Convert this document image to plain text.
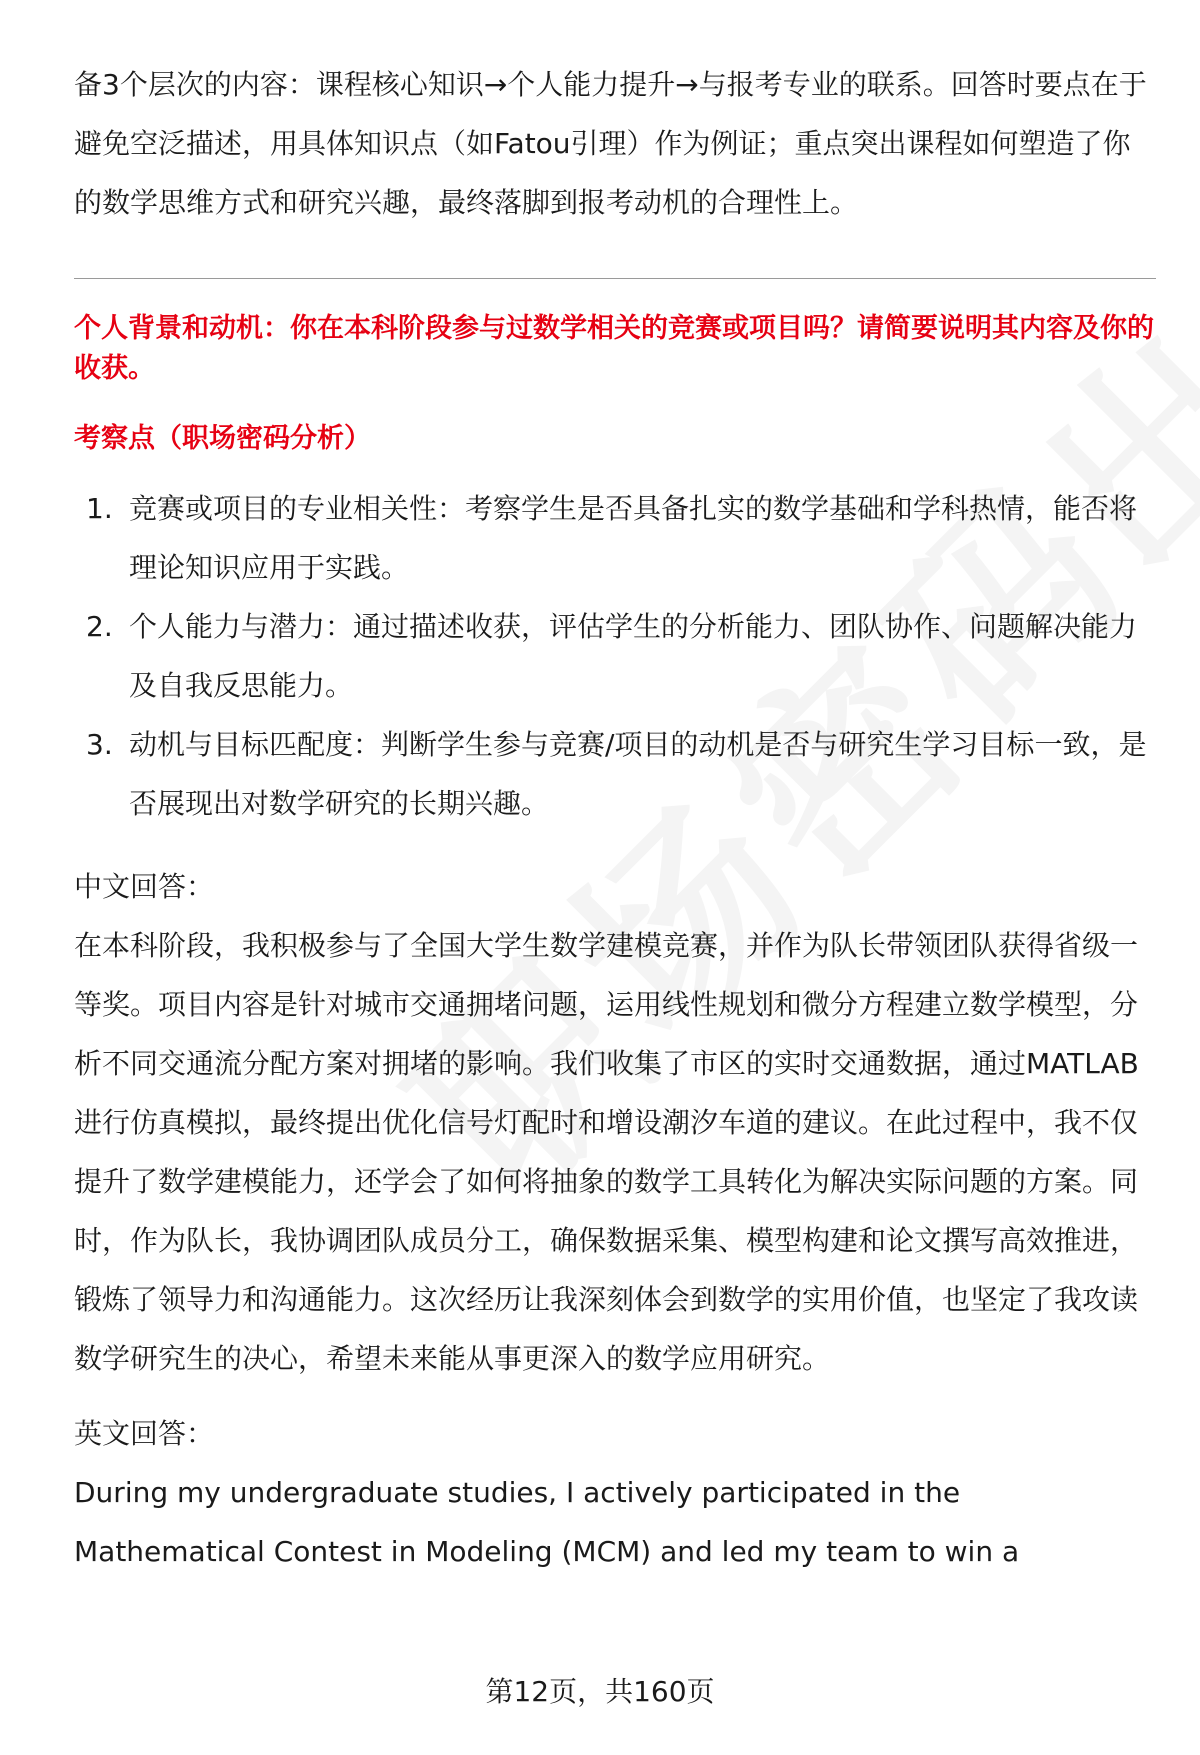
备3个层次的内容：课程核心知识→个人能力提升→与报考专业的联系。回答时要点在于避免空泛描述，用具体知识点（如Fatou引理）作为例证；重点突出课程如何塑造了你的数学思维方式和研究兴趣，最终落脚到报考动机的合理性上。

个人背景和动机：你在本科阶段参与过数学相关的竞赛或项目吗？请简要说明其内容及你的收获。

考察点（职场密码分析）

1. 竞赛或项目的专业相关性：考察学生是否具备扎实的数学基础和学科热情，能否将理论知识应用于实践。
2. 个人能力与潜力：通过描述收获，评估学生的分析能力、团队协作、问题解决能力及自我反思能力。
3. 动机与目标匹配度：判断学生参与竞赛/项目的动机是否与研究生学习目标一致，是否展现出对数学研究的长期兴趣。

中文回答：

在本科阶段，我积极参与了全国大学生数学建模竞赛，并作为队长带领团队获得省级一等奖。项目内容是针对城市交通拥堵问题，运用线性规划和微分方程建立数学模型，分析不同交通流分配方案对拥堵的影响。我们收集了市区的实时交通数据，通过MATLAB进行仿真模拟，最终提出优化信号灯配时和增设潮汐车道的建议。在此过程中，我不仅提升了数学建模能力，还学会了如何将抽象的数学工具转化为解决实际问题的方案。同时，作为队长，我协调团队成员分工，确保数据采集、模型构建和论文撰写高效推进，锻炼了领导力和沟通能力。这次经历让我深刻体会到数学的实用价值，也坚定了我攻读数学研究生的决心，希望未来能从事更深入的数学应用研究。

英文回答：

During my undergraduate studies, I actively participated in the
Mathematical Contest in Modeling (MCM) and led my team to win a

第12页，共160页
